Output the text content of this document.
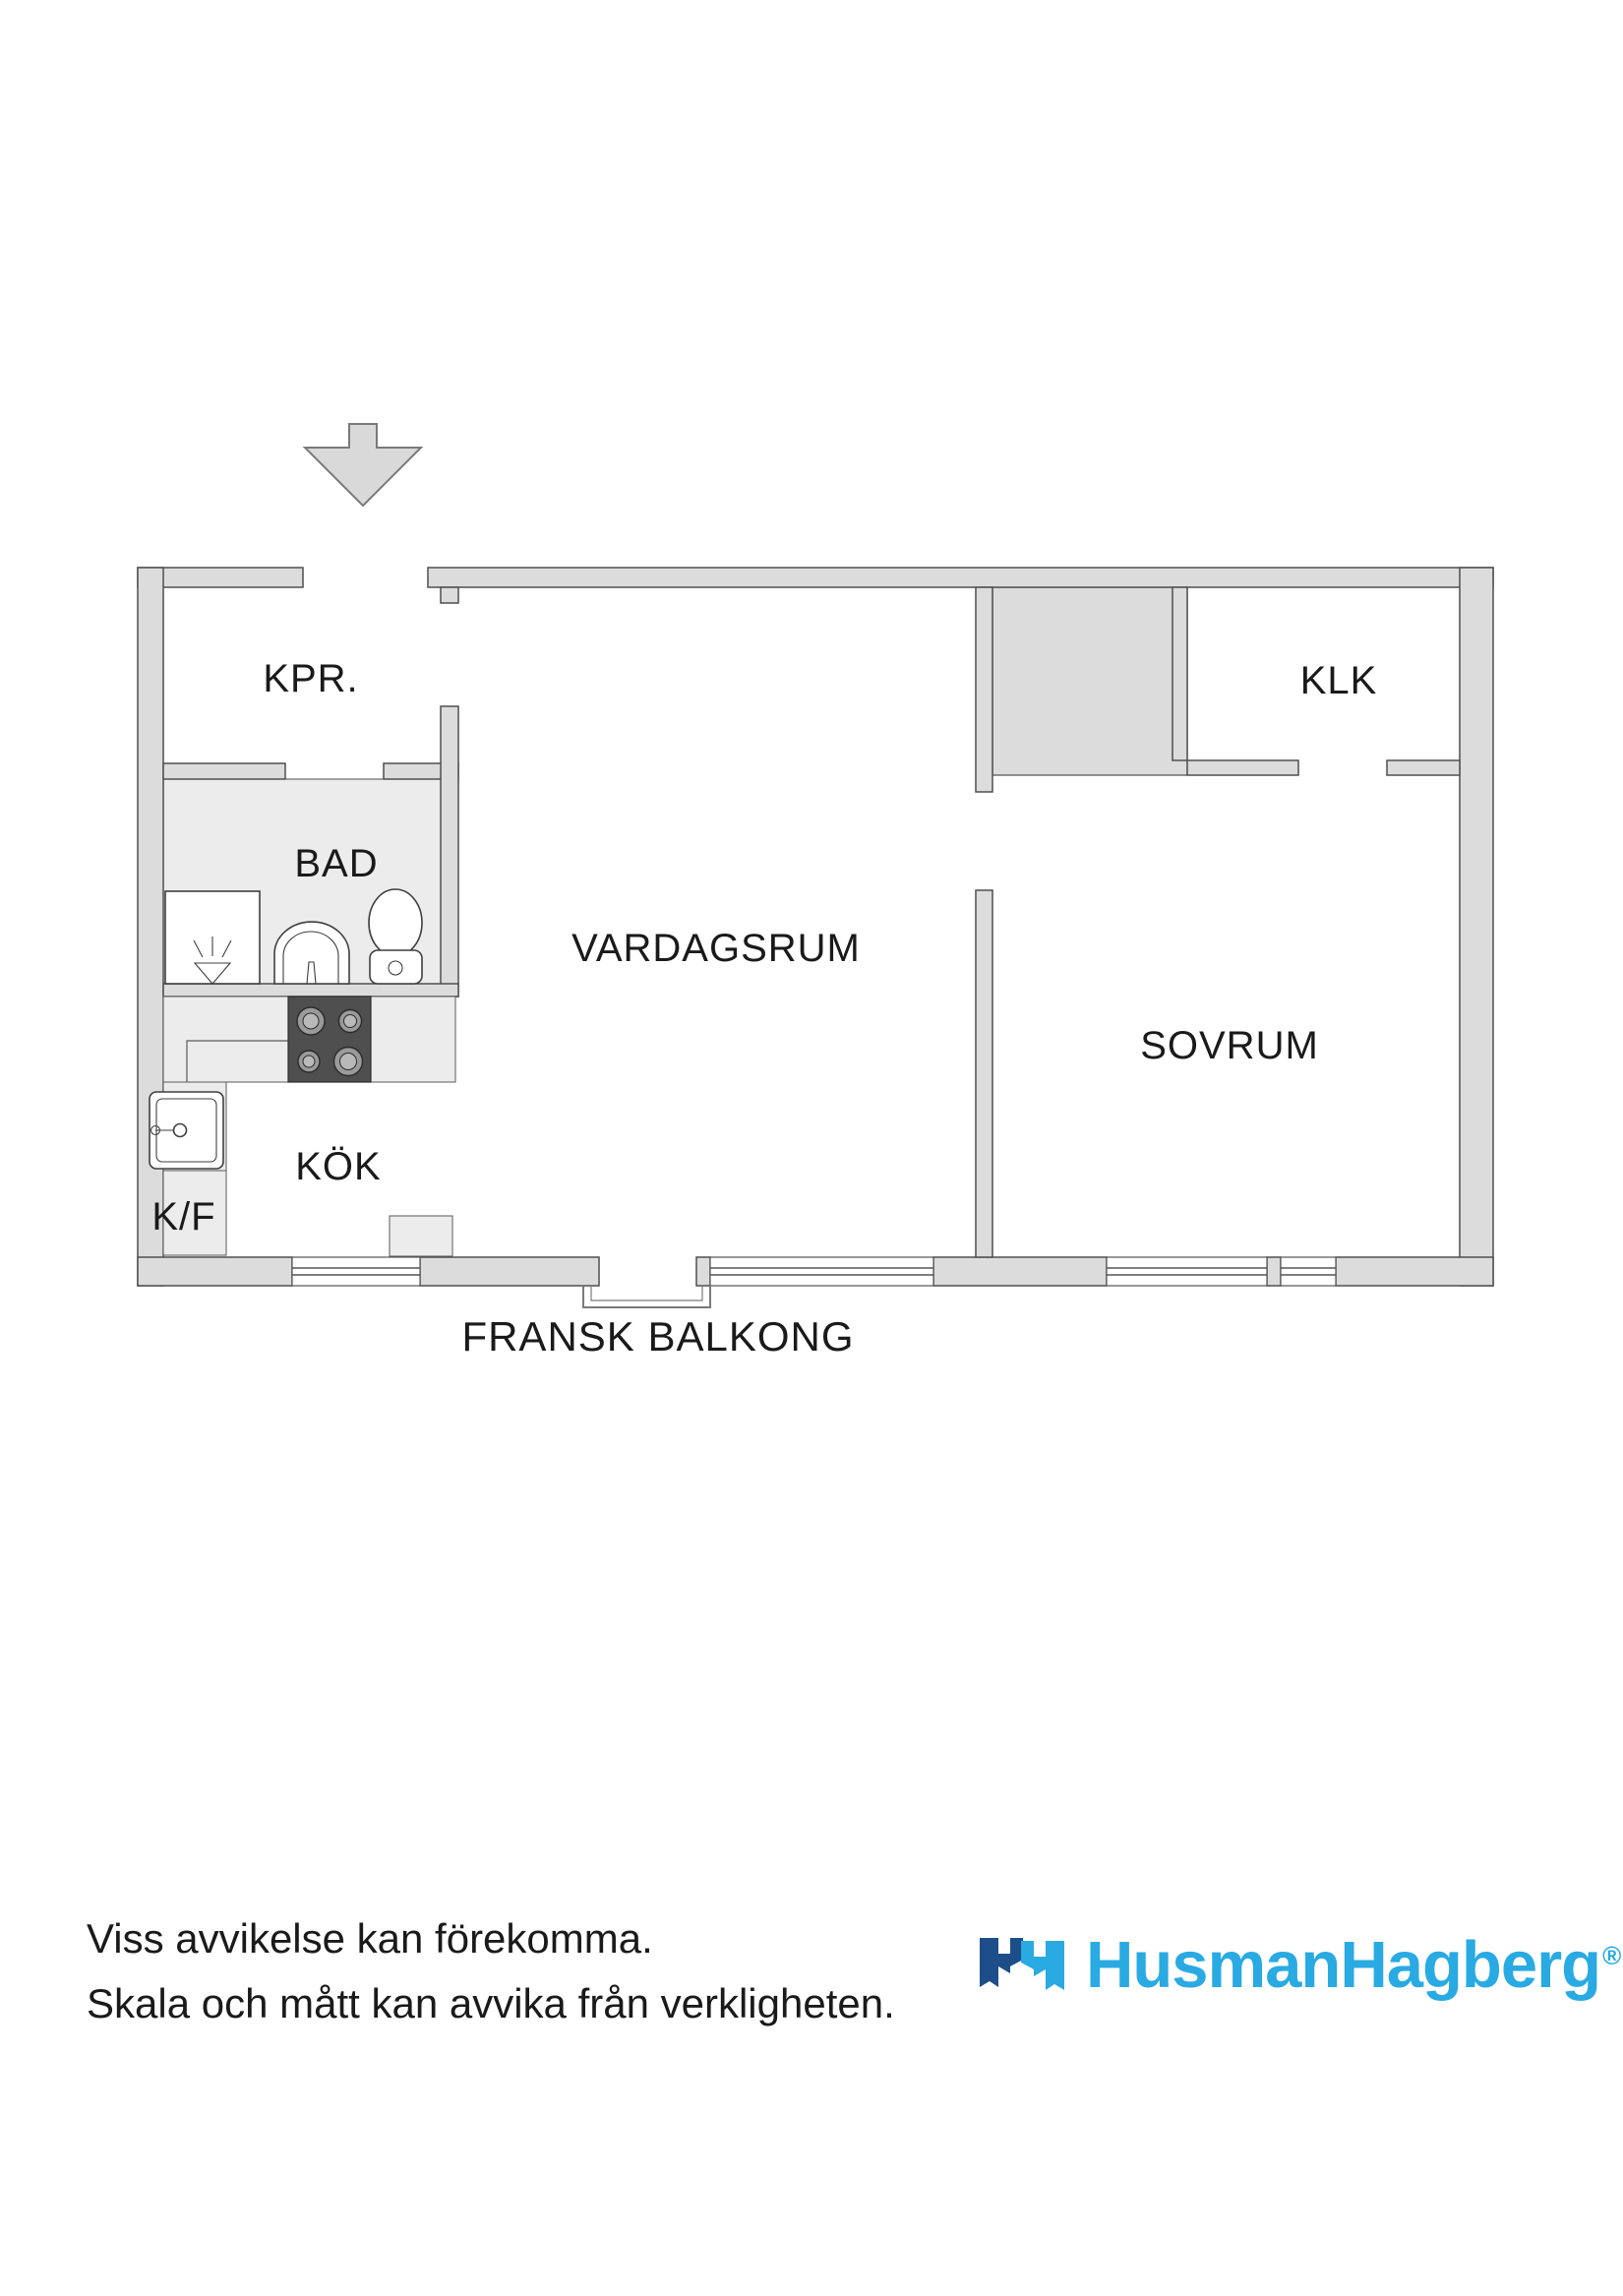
KPR.
BAD
VARDAGSRUM
SOVRUM
KLK
KÖK
K/F
FRANSK BALKONG
Viss avvikelse kan förekomma.
Skala och mått kan avvika från verkligheten.
HusmanHagberg®
